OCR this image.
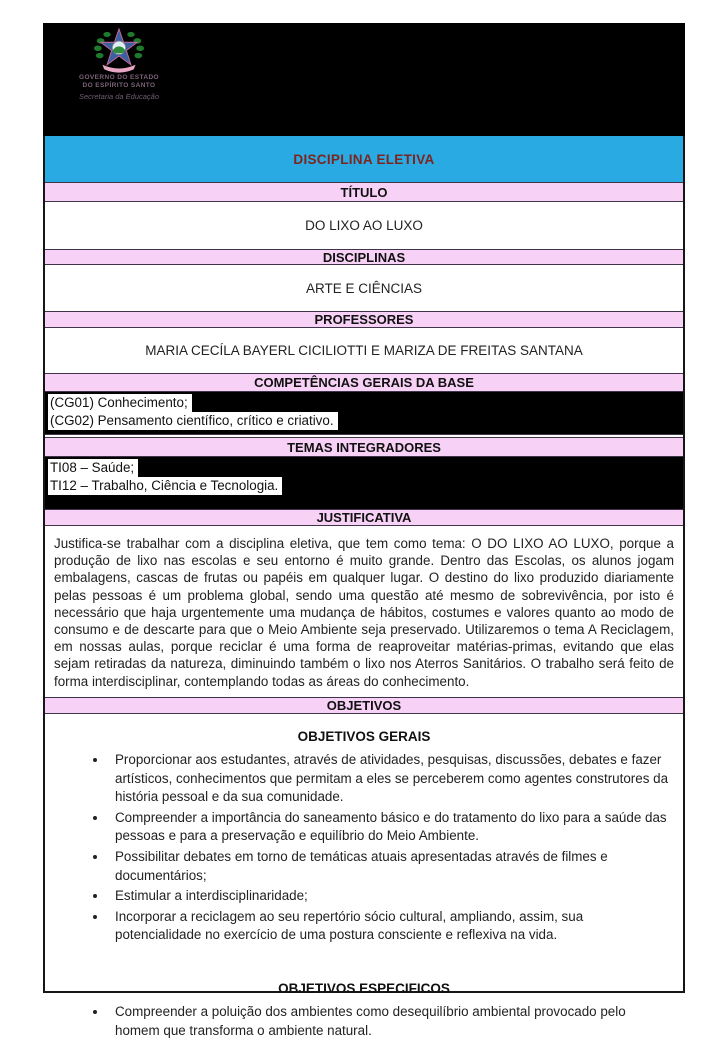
GOVERNO DO ESTADO
DO ESPÍRITO SANTO
Secretaria da Educação
DISCIPLINA ELETIVA
TÍTULO
DO LIXO AO LUXO
DISCIPLINAS
ARTE E CIÊNCIAS
PROFESSORES
MARIA CECÍLA BAYERL CICILIOTTI E MARIZA DE FREITAS SANTANA
COMPETÊNCIAS GERAIS DA BASE
(CG01) Conhecimento;
(CG02) Pensamento científico, crítico e criativo.
TEMAS INTEGRADORES
TI08 – Saúde;
TI12 – Trabalho, Ciência e Tecnologia.
JUSTIFICATIVA

Justifica-se trabalhar com a disciplina eletiva, que tem como tema: O DO LIXO AO LUXO, porque a produção de lixo nas escolas e seu entorno é muito grande. Dentro das Escolas, os alunos jogam embalagens, cascas de frutas ou papéis em qualquer lugar. O destino do lixo produzido diariamente pelas pessoas é um problema global, sendo uma questão até mesmo de sobrevivência, por isto é necessário que haja urgentemente uma mudança de hábitos, costumes e valores quanto ao modo de consumo e de descarte para que o Meio Ambiente seja preservado. Utilizaremos o tema A Reciclagem, em nossas aulas, porque reciclar é uma forma de reaproveitar matérias-primas, evitando que elas sejam retiradas da natureza, diminuindo também o lixo nos Aterros Sanitários. O trabalho será feito de forma interdisciplinar, contemplando todas as áreas do conhecimento.

OBJETIVOS
OBJETIVOS GERAIS
• Proporcionar aos estudantes, através de atividades, pesquisas, discussões, debates e fazer artísticos, conhecimentos que permitam a eles se perceberem como agentes construtores da história pessoal e da sua comunidade.
• Compreender a importância do saneamento básico e do tratamento do lixo para a saúde das pessoas e para a preservação e equilíbrio do Meio Ambiente.
• Possibilitar debates em torno de temáticas atuais apresentadas através de filmes e documentários;
• Estimular a interdisciplinaridade;
• Incorporar a reciclagem ao seu repertório sócio cultural, ampliando, assim, sua potencialidade no exercício de uma postura consciente e reflexiva na vida.
OBJETIVOS ESPECIFICOS
• Compreender a poluição dos ambientes como desequilíbrio ambiental provocado pelo homem que transforma o ambiente natural.
